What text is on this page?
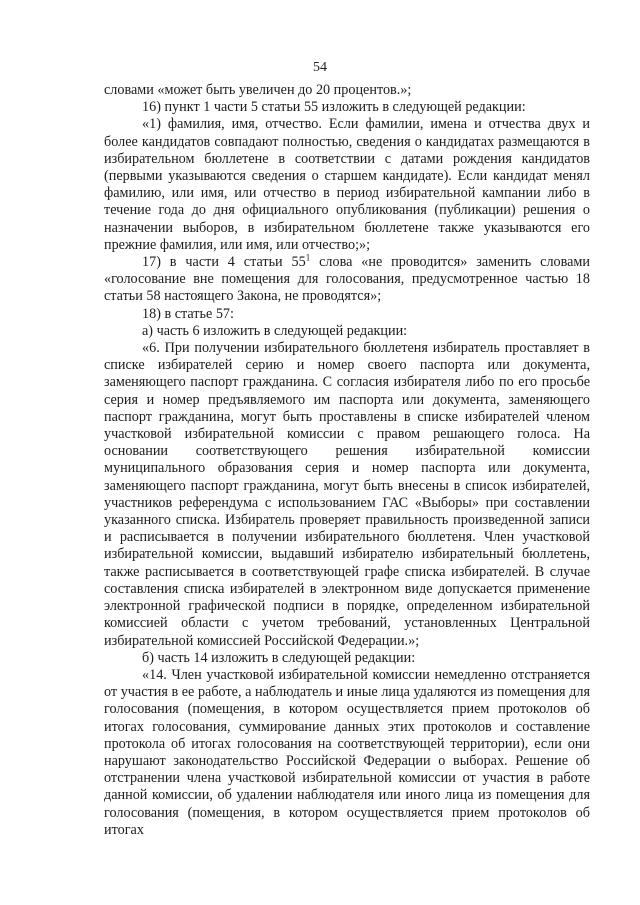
54

словами «может быть увеличен до 20 процентов.»;

16) пункт 1 части 5 статьи 55 изложить в следующей редакции:

«1) фамилия, имя, отчество. Если фамилии, имена и отчества двух и более кандидатов совпадают полностью, сведения о кандидатах размещаются в избирательном бюллетене в соответствии с датами рождения кандидатов (первыми указываются сведения о старшем кандидате). Если кандидат менял фамилию, или имя, или отчество в период избирательной кампании либо в течение года до дня официального опубликования (публикации) решения о назначении выборов, в избирательном бюллетене также указываются его прежние фамилия, или имя, или отчество;»;

17) в части 4 статьи $55^1$ слова «не проводится» заменить словами «голосование вне помещения для голосования, предусмотренное частью 18 статьи 58 настоящего Закона, не проводятся»;

18) в статье 57:

а) часть 6 изложить в следующей редакции:

«6. При получении избирательного бюллетеня избиратель проставляет в списке избирателей серию и номер своего паспорта или документа, заменяющего паспорт гражданина. С согласия избирателя либо по его просьбе серия и номер предъявляемого им паспорта или документа, заменяющего паспорт гражданина, могут быть проставлены в списке избирателей членом участковой избирательной комиссии с правом решающего голоса. На основании соответствующего решения избирательной комиссии муниципального образования серия и номер паспорта или документа, заменяющего паспорт гражданина, могут быть внесены в список избирателей, участников референдума с использованием ГАС «Выборы» при составлении указанного списка. Избиратель проверяет правильность произведенной записи и расписывается в получении избирательного бюллетеня. Член участковой избирательной комиссии, выдавший избирателю избирательный бюллетень, также расписывается в соответствующей графе списка избирателей. В случае составления списка избирателей в электронном виде допускается применение электронной графической подписи в порядке, определенном избирательной комиссией области с учетом требований, установленных Центральной избирательной комиссией Российской Федерации.»;

б) часть 14 изложить в следующей редакции:

«14. Член участковой избирательной комиссии немедленно отстраняется от участия в ее работе, а наблюдатель и иные лица удаляются из помещения для голосования (помещения, в котором осуществляется прием протоколов об итогах голосования, суммирование данных этих протоколов и составление протокола об итогах голосования на соответствующей территории), если они нарушают законодательство Российской Федерации о выборах. Решение об отстранении члена участковой избирательной комиссии от участия в работе данной комиссии, об удалении наблюдателя или иного лица из помещения для голосования (помещения, в котором осуществляется прием протоколов об итогах
